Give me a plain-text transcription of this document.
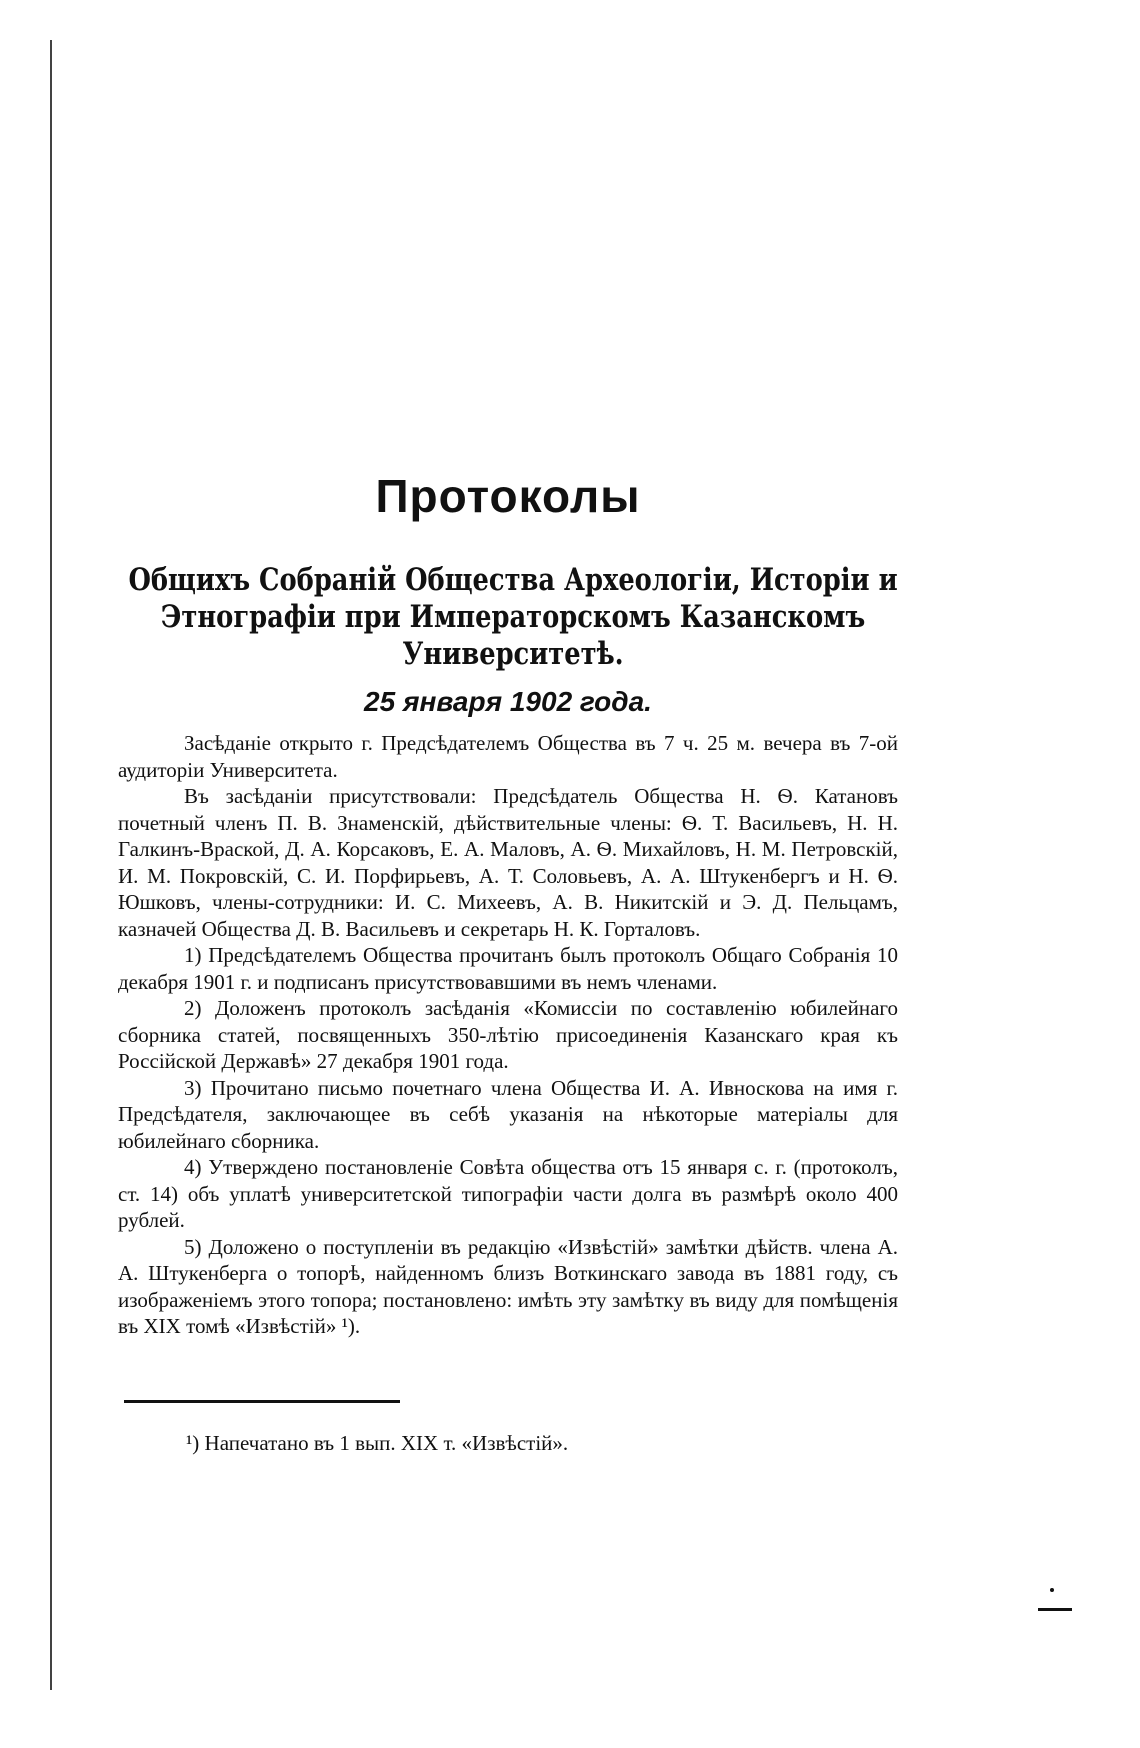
Протоколы
Общихъ Собраній Общества Археологіи, Исторіи и Этнографіи при Императорскомъ Казанскомъ Университетѣ.
25 января 1902 года.

Засѣданіе открыто г. Предсѣдателемъ Общества въ 7 ч. 25 м. вечера въ 7-ой аудиторіи Университета.

Въ засѣданіи присутствовали: Предсѣдатель Общества Н. Ѳ. Катановъ почетный членъ П. В. Знаменскій, дѣйствительные члены: Ѳ. Т. Васильевъ, Н. Н. Галкинъ-Враской, Д. А. Корсаковъ, Е. А. Маловъ, А. Ѳ. Михайловъ, Н. М. Петровскій, И. М. Покровскій, С. И. Порфирьевъ, А. Т. Соловьевъ, А. А. Штукенбергъ и Н. Ѳ. Юшковъ, члены-сотрудники: И. С. Михеевъ, А. В. Никитскій и Э. Д. Пельцамъ, казначей Общества Д. В. Васильевъ и секретарь Н. К. Горталовъ.

1) Предсѣдателемъ Общества прочитанъ былъ протоколъ Общаго Собранія 10 декабря 1901 г. и подписанъ присутствовавшими въ немъ членами.

2) Доложенъ протоколъ засѣданія «Комиссіи по составленію юбилейнаго сборника статей, посвященныхъ 350-лѣтію присоединенія Казанскаго края къ Россійской Державѣ» 27 декабря 1901 года.

3) Прочитано письмо почетнаго члена Общества И. А. Ивноскова на имя г. Предсѣдателя, заключающее въ себѣ указанія на нѣкоторые матеріалы для юбилейнаго сборника.

4) Утверждено постановленіе Совѣта общества отъ 15 января с. г. (протоколъ, ст. 14) объ уплатѣ университетской типографіи части долга въ размѣрѣ около 400 рублей.

5) Доложено о поступленіи въ редакцію «Извѣстій» замѣтки дѣйств. члена А. А. Штукенберга о топорѣ, найденномъ близъ Воткинскаго завода въ 1881 году, съ изображеніемъ этого топора; постановлено: имѣть эту замѣтку въ виду для помѣщенія въ XIX томѣ «Извѣстій» ¹).

¹) Напечатано въ 1 вып. XIX т. «Извѣстій».
